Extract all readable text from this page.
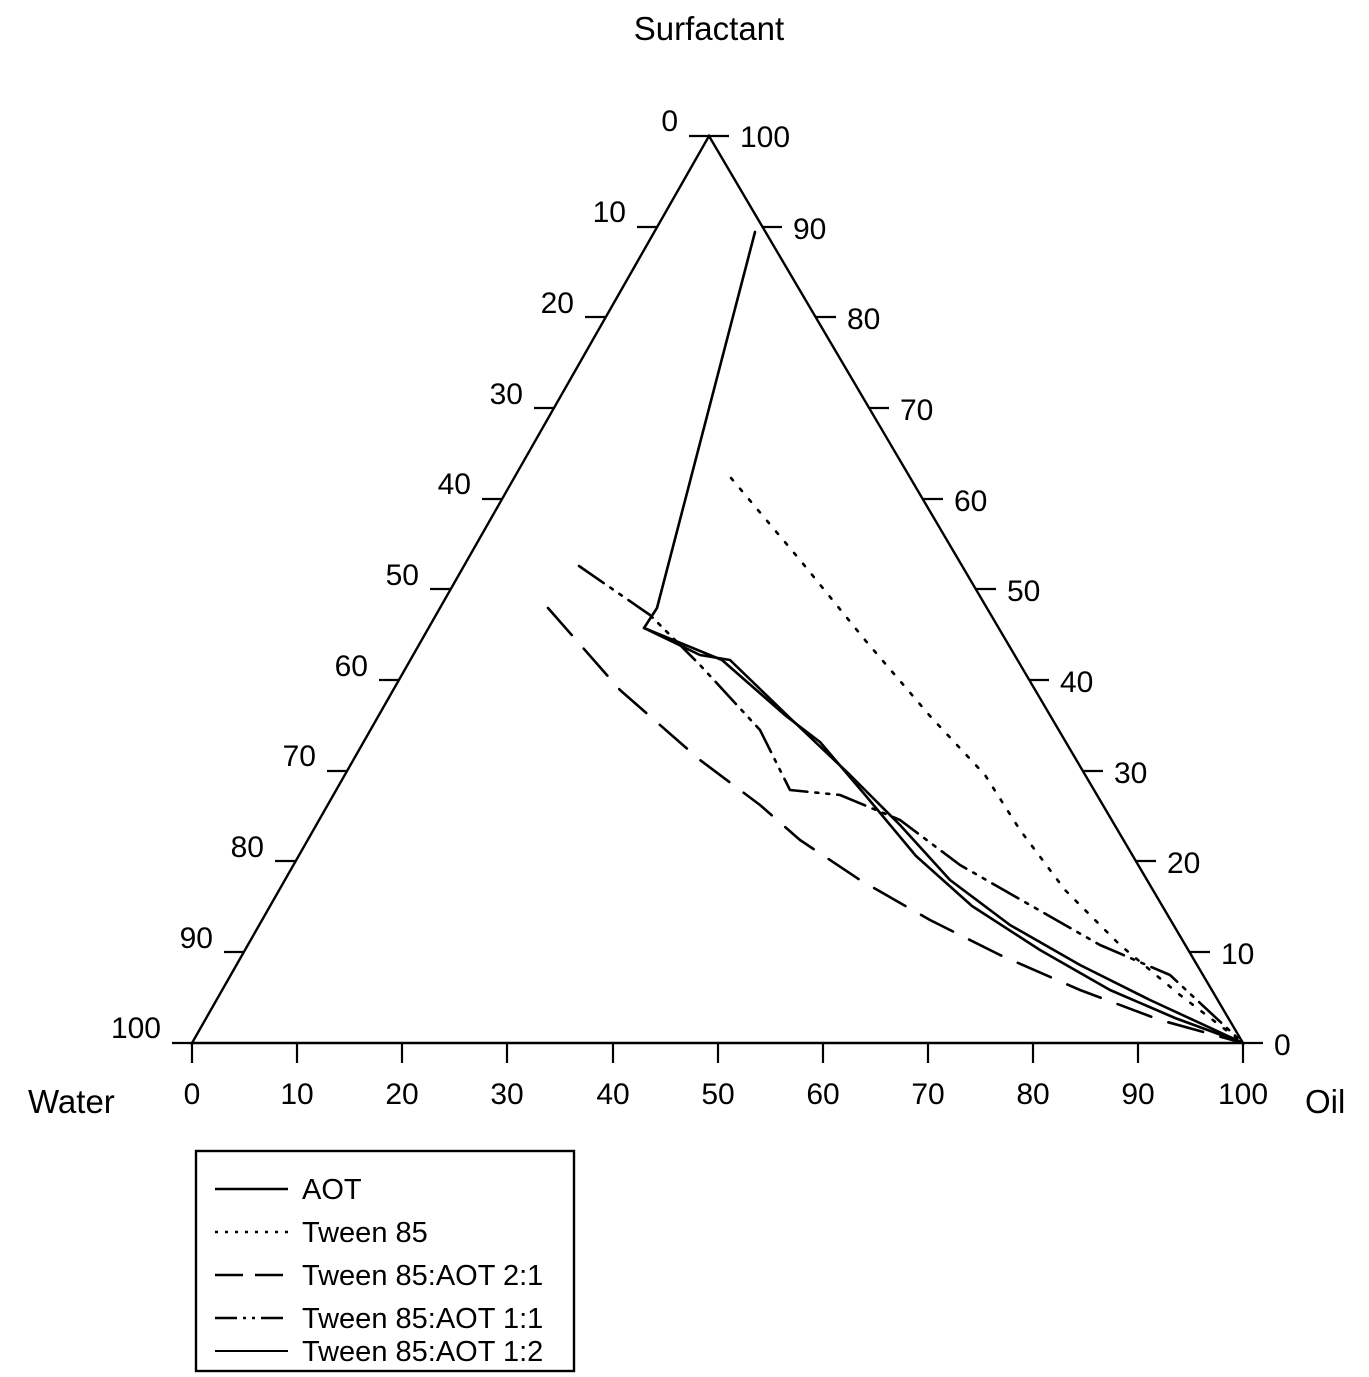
Surfactant
Water	Oil
0	10 20 30 40 50 60 70 80 90 100
100
90
80
70
60
50
40
30
20
10
0
0
10
20
30
40
50
60
70
80
90
100
AOT
Tween 85
Tween 85:AOT 2:1
Tween 85:AOT 1:1
Tween 85:AOT 1:2
